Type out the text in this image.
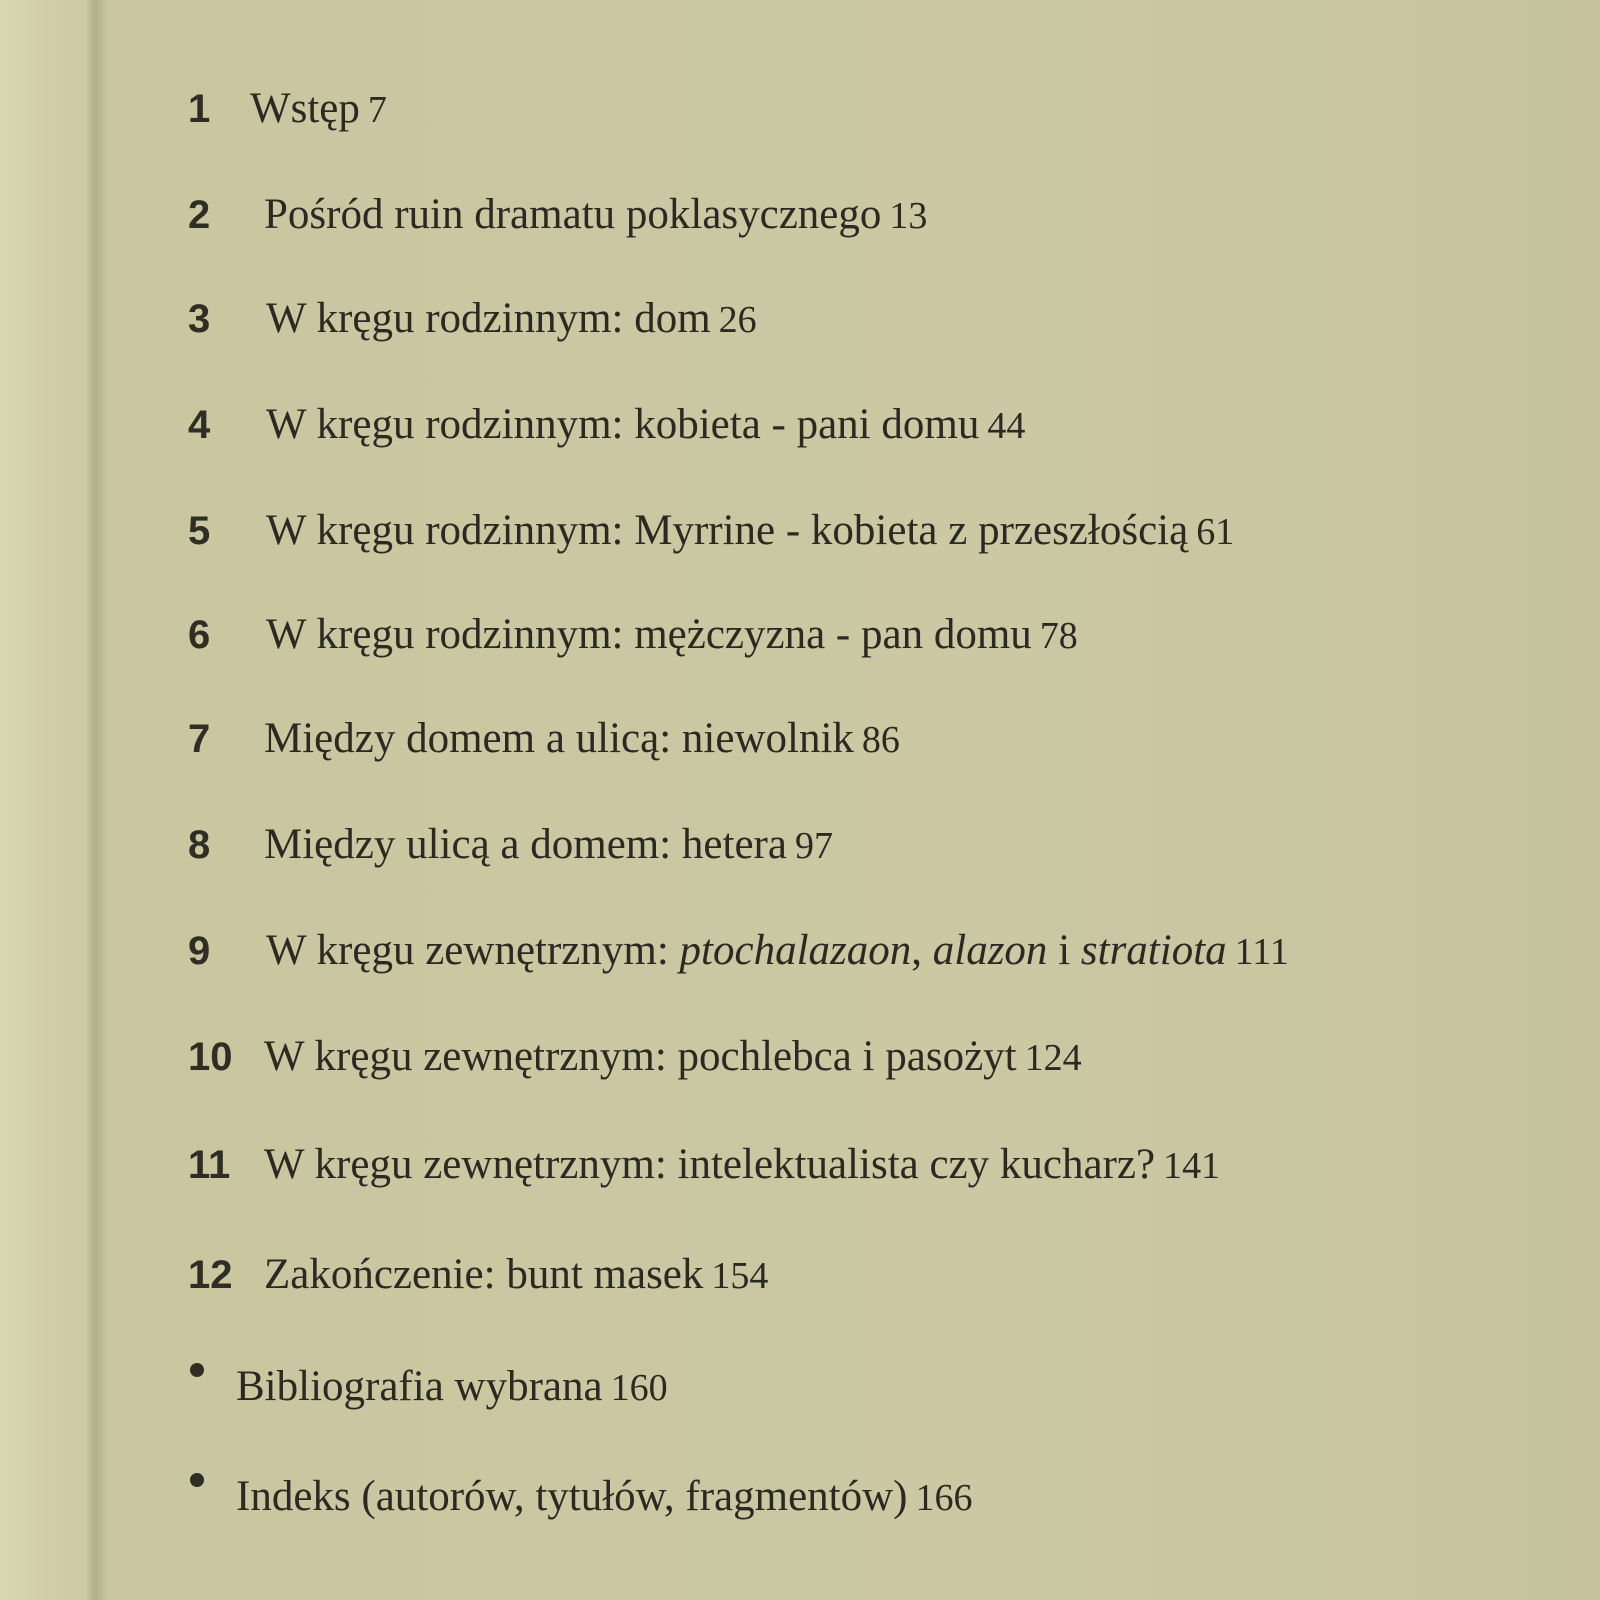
1 Wstęp 7
2	Pośród ruin dramatu poklasycznego 13
3	W kręgu rodzinnym: dom 26
4	W kręgu rodzinnym: kobieta - pani domu 44
5	W kręgu rodzinnym: Myrrine - kobieta z przeszłością 61
6	W kręgu rodzinnym: mężczyzna - pan domu 78
7	Między domem a ulicą: niewolnik 86
8	Między ulicą a domem: hetera 97
9	W kręgu zewnętrznym: ptochalazaon, alazon i stratiota 111
10 W kręgu zewnętrznym: pochlebca i pasożyt 124
11 W kręgu zewnętrznym: intelektualista czy kucharz? 141
12 Zakończenie: bunt masek 154
Bibliografia wybrana 160
Indeks (autorów, tytułów, fragmentów) 166
